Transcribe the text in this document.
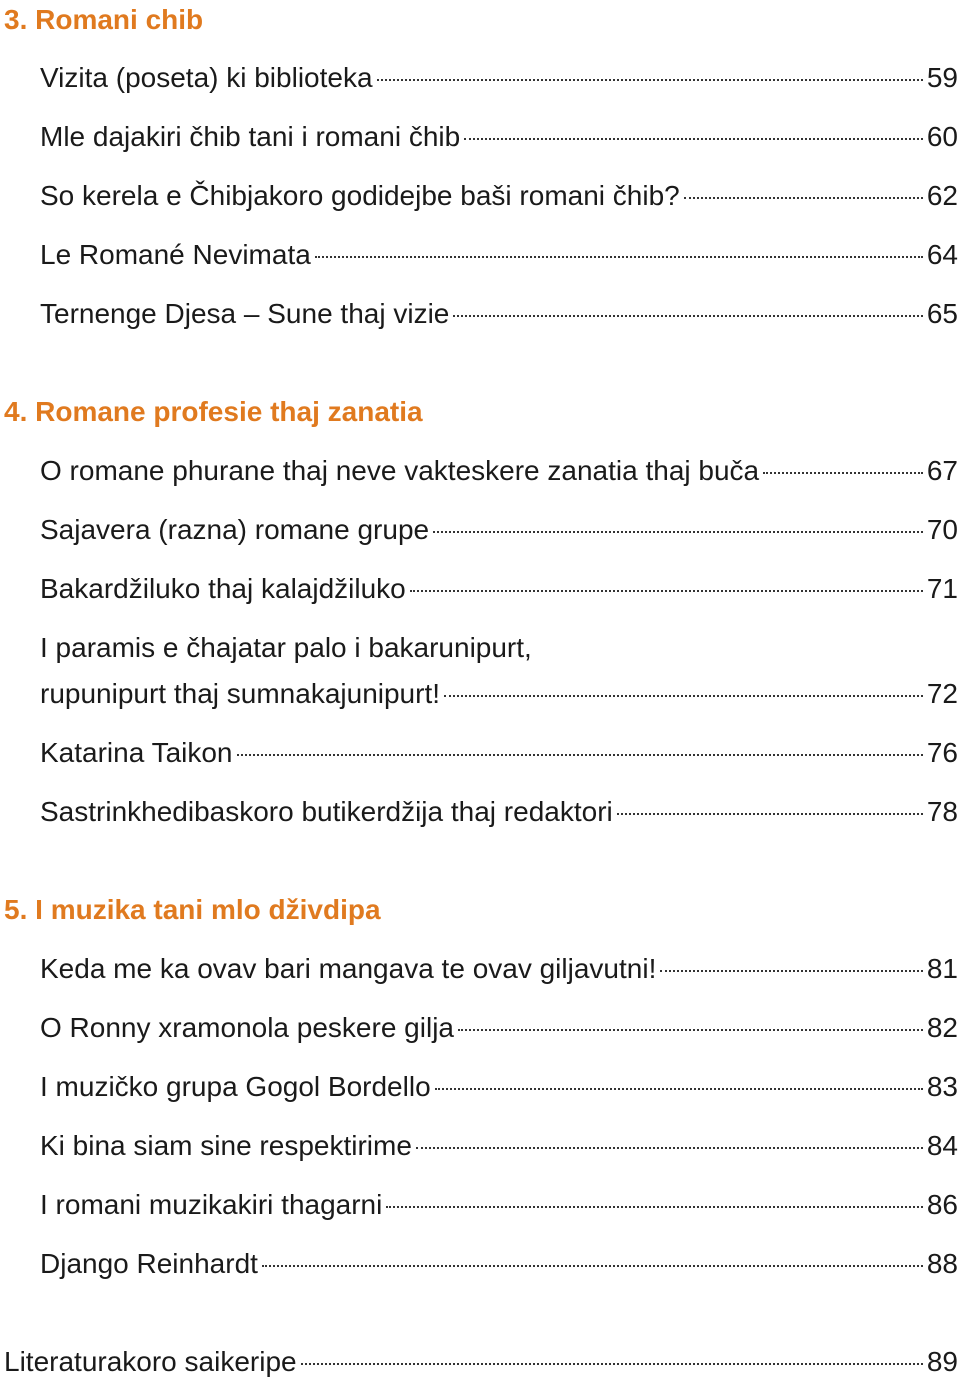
3. Romani chib
Vizita (poseta) ki biblioteka	59
Mle dajakiri čhib tani i romani čhib	60
So kerela e Čhibjakoro godidejbe baši romani čhib?	62
Le Romané Nevimata	64
Ternenge Djesa – Sune thaj vizie	65
4. Romane profesie thaj zanatia
O romane phurane thaj neve vakteskere zanatia thaj buča	67
Sajavera (razna) romane grupe	70
Bakardžiluko thaj kalajdžiluko	71
I paramis e čhajatar palo i bakarunipurt,
rupunipurt thaj sumnakajunipurt!	72
Katarina Taikon	76
Sastrinkhedibaskoro butikerdžija thaj redaktori	78
5. I muzika tani mlo dživdipa
Keda me ka ovav bari mangava te ovav giljavutni!	81
O Ronny xramonola peskere gilja	82
I muzičko grupa Gogol Bordello	83
Ki bina siam sine respektirime	84
I romani muzikakiri thagarni	86
Django Reinhardt	88
Literaturakoro saikeripe	89
